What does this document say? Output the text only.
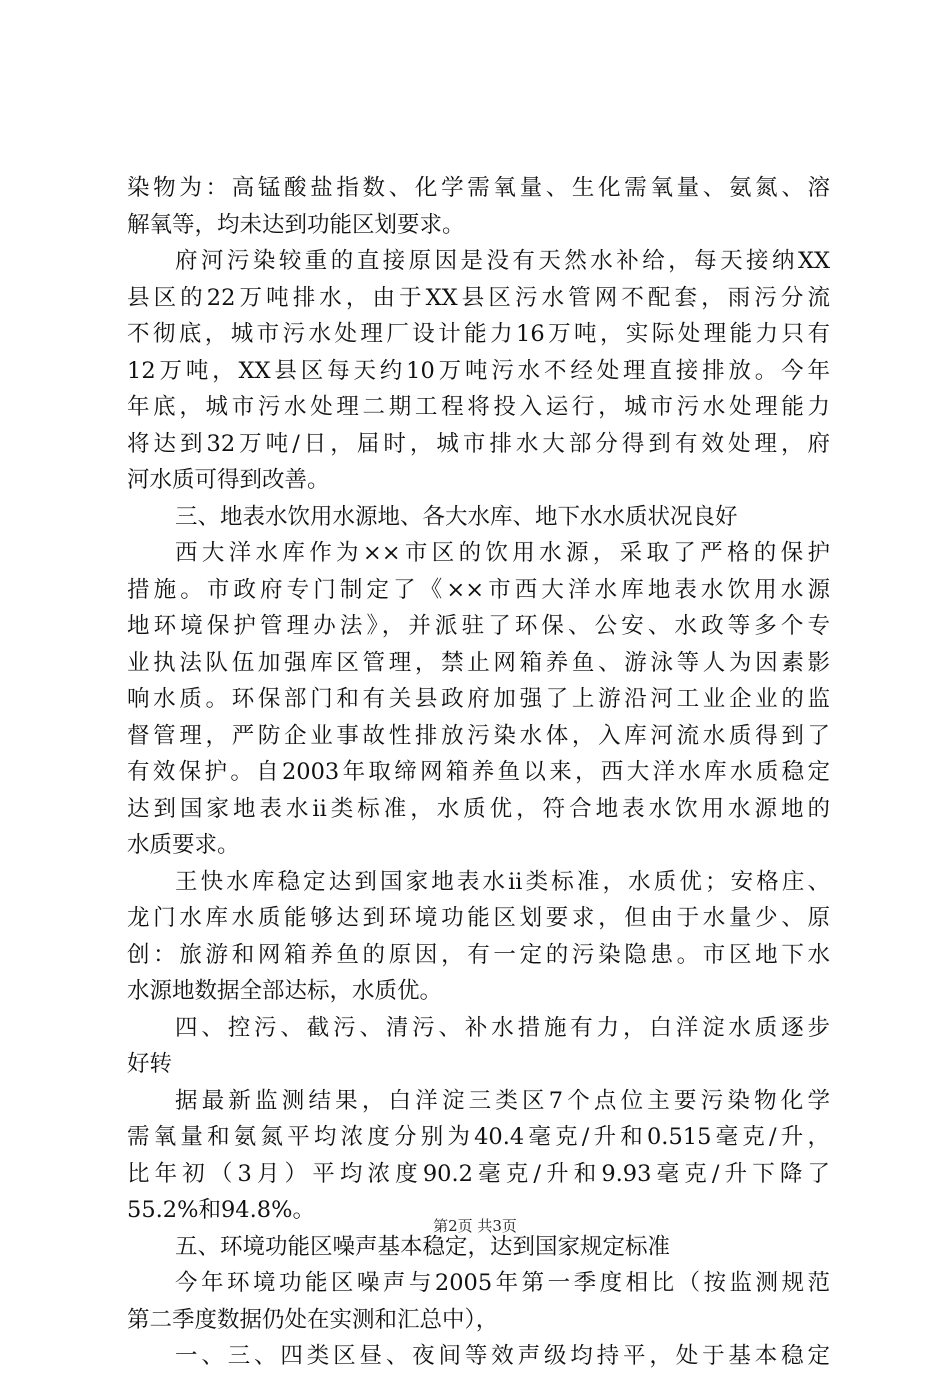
染物为：高锰酸盐指数、化学需氧量、生化需氧量、氨氮、溶
解氧等，均未达到功能区划要求。
府河污染较重的直接原因是没有天然水补给，每天接纳XX
县区的22万吨排水，由于XX县区污水管网不配套，雨污分流
不彻底，城市污水处理厂设计能力16万吨，实际处理能力只有
12万吨，XX县区每天约10万吨污水不经处理直接排放。今年
年底，城市污水处理二期工程将投入运行，城市污水处理能力
将达到32万吨/日，届时，城市排水大部分得到有效处理，府
河水质可得到改善。
三、地表水饮用水源地、各大水库、地下水水质状况良好
西大洋水库作为××市区的饮用水源，采取了严格的保护
措施。市政府专门制定了《××市西大洋水库地表水饮用水源
地环境保护管理办法》，并派驻了环保、公安、水政等多个专
业执法队伍加强库区管理，禁止网箱养鱼、游泳等人为因素影
响水质。环保部门和有关县政府加强了上游沿河工业企业的监
督管理，严防企业事故性排放污染水体，入库河流水质得到了
有效保护。自2003年取缔网箱养鱼以来，西大洋水库水质稳定
达到国家地表水ii类标准，水质优，符合地表水饮用水源地的
水质要求。
王快水库稳定达到国家地表水ii类标准，水质优；安格庄、
龙门水库水质能够达到环境功能区划要求，但由于水量少、原
创：旅游和网箱养鱼的原因，有一定的污染隐患。市区地下水
水源地数据全部达标，水质优。
四、控污、截污、清污、补水措施有力，白洋淀水质逐步
好转
据最新监测结果，白洋淀三类区7个点位主要污染物化学
需氧量和氨氮平均浓度分别为40.4毫克/升和0.515毫克/升，
比年初（3月）平均浓度90.2毫克/升和9.93毫克/升下降了
55.2%和94.8%。
五、环境功能区噪声基本稳定，达到国家规定标准
今年环境功能区噪声与2005年第一季度相比（按监测规范
第二季度数据仍处在实测和汇总中），
一、三、四类区昼、夜间等效声级均持平，处于基本稳定
第2页 共3页
